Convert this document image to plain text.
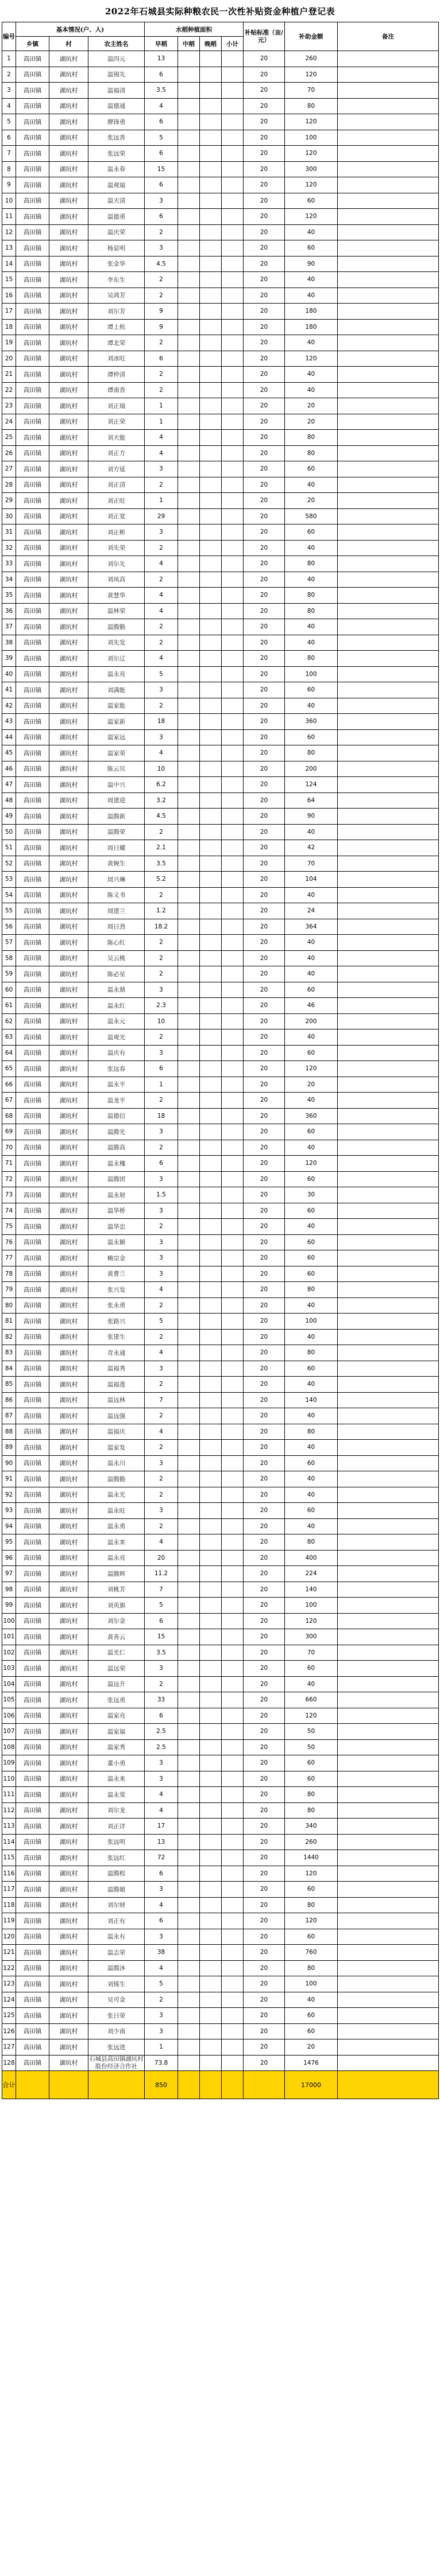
2022年石城县实际种粮农民一次性补贴资金种植户登记表
编号	基本情况(户、人)			水稻种植面积				补贴标准（亩/元）	补助金额	备注
	乡镇	村	农主姓名	早稻	中稻	晚稻	小计			
1	高田镇	湖坑村	温四元	13				20	260	
2	高田镇	湖坑村	温锡先	6				20	120	
3	高田镇	湖坑村	温福清	3.5				20	70	
4	高田镇	湖坑村	温德通	4				20	80	
5	高田镇	湖坑村	廖锋勇	6				20	120	
6	高田镇	湖坑村	张远香	5				20	100	
7	高田镇	湖坑村	张远荣	6				20	120	
8	高田镇	湖坑村	温永春	15				20	300	
9	高田镇	湖坑村	温观福	6				20	120	
10	高田镇	湖坑村	温天清	3				20	60	
11	高田镇	湖坑村	温德勇	6				20	120	
12	高田镇	湖坑村	温庆荣	2				20	40	
13	高田镇	湖坑村	杨显明	3				20	60	
14	高田镇	湖坑村	张金华	4.5				20	90	
15	高田镇	湖坑村	李东生	2				20	40	
16	高田镇	湖坑村	吴鸿芳	2				20	40	
17	高田镇	湖坑村	刘尔芳	9				20	180	
18	高田镇	湖坑村	谭上杭	9				20	180	
19	高田镇	湖坑村	谭北荣	2				20	40	
20	高田镇	湖坑村	刘冰旺	6				20	120	
21	高田镇	湖坑村	谭仲清	2				20	40	
22	高田镇	湖坑村	谭南香	2				20	40	
23	高田镇	湖坑村	刘正瑞	1				20	20	
24	高田镇	湖坑村	刘正荣	1				20	20	
25	高田镇	湖坑村	刘天能	4				20	80	
26	高田镇	湖坑村	刘正方	4				20	80	
27	高田镇	湖坑村	刘方延	3				20	60	
28	高田镇	湖坑村	刘正清	2				20	40	
29	高田镇	湖坑村	刘正旺	1				20	20	
30	高田镇	湖坑村	刘正宽	29				20	580	
31	高田镇	湖坑村	刘正彬	3				20	60	
32	高田镇	湖坑村	刘先荣	2				20	40	
33	高田镇	湖坑村	刘尔先	4				20	80	
34	高田镇	湖坑村	刘凤高	2				20	40	
35	高田镇	湖坑村	黄慧华	4				20	80	
36	高田镇	湖坑村	温林荣	4				20	80	
37	高田镇	湖坑村	温腾勤	2				20	40	
38	高田镇	湖坑村	刘先发	2				20	40	
39	高田镇	湖坑村	刘尔辽	4				20	80	
40	高田镇	湖坑村	温永亮	5				20	100	
41	高田镇	湖坑村	刘满能	3				20	60	
42	高田镇	湖坑村	温家能	2				20	40	
43	高田镇	湖坑村	温家新	18				20	360	
44	高田镇	湖坑村	温家远	3				20	60	
45	高田镇	湖坑村	温家荣	4				20	80	
46	高田镇	湖坑村	陈云贝	10				20	200	
47	高田镇	湖坑村	温中兴	6.2				20	124	
48	高田镇	湖坑村	周建迎	3.2				20	64	
49	高田镇	湖坑村	温腾新	4.5				20	90	
50	高田镇	湖坑村	温腾荣	2				20	40	
51	高田镇	湖坑村	周日耀	2.1				20	42	
52	高田镇	湖坑村	黄婉生	3.5				20	70	
53	高田镇	湖坑村	周兴琳	5.2				20	104	
54	高田镇	湖坑村	陈义书	2				20	40	
55	高田镇	湖坑村	周建兰	1.2				20	24	
56	高田镇	湖坑村	周日劲	18.2				20	364	
57	高田镇	湖坑村	陈心红	2				20	40	
58	高田镇	湖坑村	吴云桃	2				20	40	
59	高田镇	湖坑村	陈必星	2				20	40	
60	高田镇	湖坑村	温永鼎	3				20	60	
61	高田镇	湖坑村	温永红	2.3				20	46	
62	高田镇	湖坑村	温永元	10				20	200	
63	高田镇	湖坑村	温观光	2				20	40	
64	高田镇	湖坑村	温庆有	3				20	60	
65	高田镇	湖坑村	张远春	6				20	120	
66	高田镇	湖坑村	温永平	1				20	20	
67	高田镇	湖坑村	温龙平	2				20	40	
68	高田镇	湖坑村	温德信	18				20	360	
69	高田镇	湖坑村	温腾光	3				20	60	
70	高田镇	湖坑村	温腾高	2				20	40	
71	高田镇	湖坑村	温永槐	6				20	120	
72	高田镇	湖坑村	温腾团	3				20	60	
73	高田镇	湖坑村	温永射	1.5				20	30	
74	高田镇	湖坑村	温华桥	3				20	60	
75	高田镇	湖坑村	温华忠	2				20	40	
76	高田镇	湖坑村	温永颖	3				20	60	
77	高田镇	湖坑村	赖宗金	3				20	60	
78	高田镇	湖坑村	黄曹兰	3				20	60	
79	高田镇	湖坑村	张兴发	4				20	80	
80	高田镇	湖坑村	张永勇	2				20	40	
81	高田镇	湖坑村	张路兴	5				20	100	
82	高田镇	湖坑村	张建生	2				20	40	
83	高田镇	湖坑村	青永通	4				20	80	
84	高田镇	湖坑村	温福秀	3				20	60	
85	高田镇	湖坑村	温福莲	2				20	40	
86	高田镇	湖坑村	温远林	7				20	140	
87	高田镇	湖坑村	温远强	2				20	40	
88	高田镇	湖坑村	温福庆	4				20	80	
89	高田镇	湖坑村	温家发	2				20	40	
90	高田镇	湖坑村	温永川	3				20	60	
91	高田镇	湖坑村	温腾勤	2				20	40	
92	高田镇	湖坑村	温永光	2				20	40	
93	高田镇	湖坑村	温永旺	3				20	60	
94	高田镇	湖坑村	温永勇	2				20	40	
95	高田镇	湖坑村	温永来	4				20	80	
96	高田镇	湖坑村	温永亮	20				20	400	
97	高田镇	湖坑村	温腾辉	11.2				20	224	
98	高田镇	湖坑村	刘桃芳	7				20	140	
99	高田镇	湖坑村	刘英旗	5				20	100	
100	高田镇	湖坑村	刘尔金	6				20	120	
101	高田镇	湖坑村	黄善云	15				20	300	
102	高田镇	湖坑村	温光仁	3.5				20	70	
103	高田镇	湖坑村	温远荣	3				20	60	
104	高田镇	湖坑村	温远升	2				20	40	
105	高田镇	湖坑村	张远勇	33				20	660	
106	高田镇	湖坑村	温家亮	6				20	120	
107	高田镇	湖坑村	温家福	2.5				20	50	
108	高田镇	湖坑村	温家秀	2.5				20	50	
109	高田镇	湖坑村	董小勇	3				20	60	
110	高田镇	湖坑村	温永来	3				20	60	
111	高田镇	湖坑村	温永棠	4				20	80	
112	高田镇	湖坑村	刘尔龙	4				20	80	
113	高田镇	湖坑村	刘正详	17				20	340	
114	高田镇	湖坑村	张远明	13				20	260	
115	高田镇	湖坑村	张远红	72				20	1440	
116	高田镇	湖坑村	温腾程	6				20	120	
117	高田镇	湖坑村	温腾娘	3				20	60	
118	高田镇	湖坑村	刘尔财	4				20	80	
119	高田镇	湖坑村	刘正有	6				20	120	
120	高田镇	湖坑村	温永有	3				20	60	
121	高田镇	湖坑村	温志荣	38				20	760	
122	高田镇	湖坑村	温腾沐	4				20	80	
123	高田镇	湖坑村	刘煤生	5				20	100	
124	高田镇	湖坑村	吴可金	2				20	40	
125	高田镇	湖坑村	张日荣	3				20	60	
126	高田镇	湖坑村	刘少南	3				20	60	
127	高田镇	湖坑村	张远进	1				20	20	
128	高田镇	湖坑村	石城县高田镇湖坑村股份经济合作社	73.8				20	1476	
合计				850					17000	
